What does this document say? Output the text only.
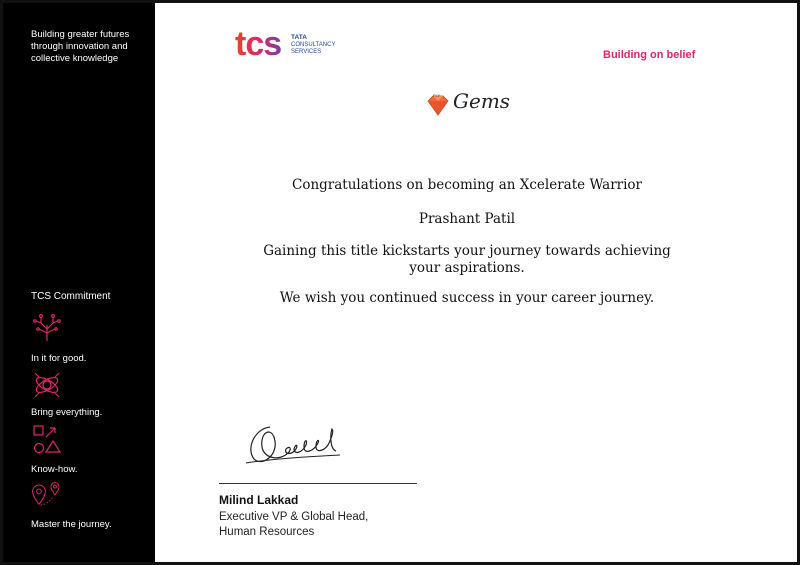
Building greater futures through innovation and collective knowledge
TCS Commitment
In it for good.
Bring everything.
Know-how.
Master the journey.
tcs TATA
CONSULTANCY
SERVICES	Building on belief
FLY Gems
Congratulations on becoming an Xcelerate Warrior
Prashant Patil
Gaining this title kickstarts your journey towards achieving your aspirations.
We wish you continued success in your career journey.
Milind Lakkad
Executive VP & Global Head,
Human Resources
